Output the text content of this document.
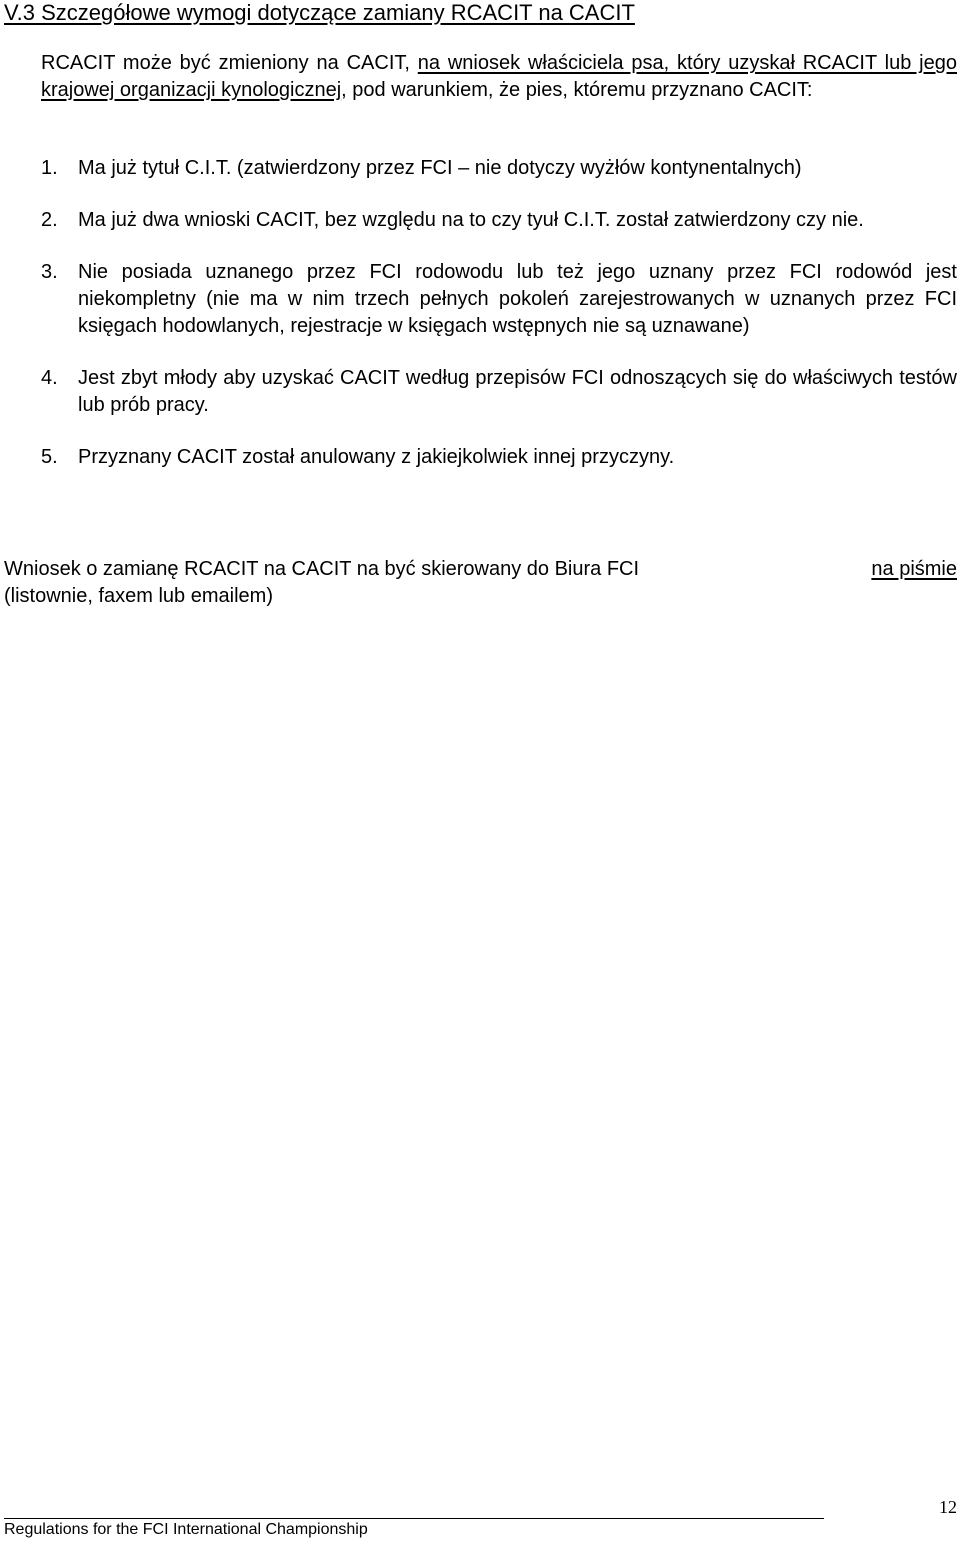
V.3 Szczegółowe wymogi dotyczące zamiany RCACIT na CACIT

RCACIT może być zmieniony na CACIT, na wniosek właściciela psa, który uzyskał RCACIT lub jego krajowej organizacji kynologicznej, pod warunkiem, że pies, któremu przyznano CACIT:

1. Ma już tytuł C.I.T. (zatwierdzony przez FCI – nie dotyczy wyżłów kontynentalnych)
2. Ma już dwa wnioski CACIT, bez względu na to czy tyuł C.I.T. został zatwierdzony czy nie.
3. Nie posiada uznanego przez FCI rodowodu lub też jego uznany przez FCI rodowód jest niekompletny (nie ma w nim trzech pełnych pokoleń zarejestrowanych w uznanych przez FCI księgach hodowlanych, rejestracje w księgach wstępnych nie są uznawane)
4. Jest zbyt młody aby uzyskać CACIT według przepisów FCI odnoszących się do właściwych testów lub prób pracy.
5. Przyznany CACIT został anulowany z jakiejkolwiek innej przyczyny.
Wniosek o zamianę RCACIT na CACIT na być skierowany do Biura FCI	na piśmie
(listownie, faxem lub emailem)
12
Regulations for the FCI International Championship
